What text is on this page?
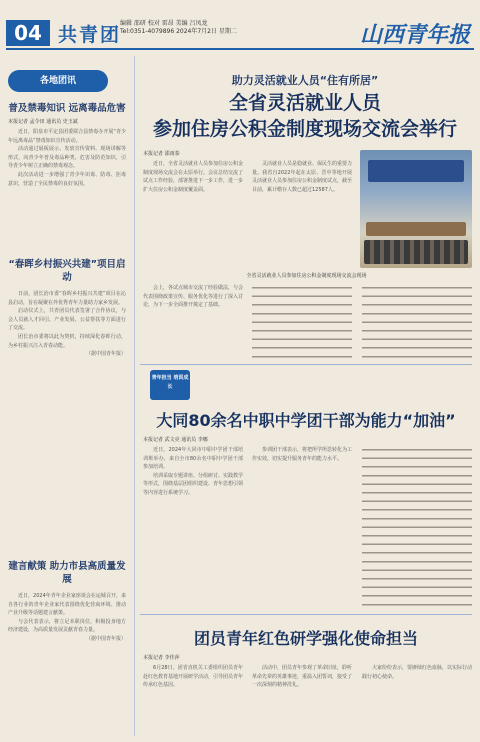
04 共青团
编辑 邵研 校对 雷昂 美编 吕凤龙
Tel:0351-4079896 2024年7月2日 星期二	山西青年报
各地团讯
普及禁毒知识 远离毒品危害
本报记者 孟令田 通讯员 史玉斌

近日，阳泉市平定县团委联合县禁毒办开展“青少年远离毒品”禁毒知识宣传活动。

活动通过展板展示、发放宣传资料、现场讲解等形式，向青少年普及毒品种类、危害及防范知识，引导青少年树立正确的禁毒观念。

此次活动进一步增强了青少年识毒、防毒、拒毒意识，营造了全民禁毒的良好氛围。

“春晖乡村振兴共建”项目启动

日前，团长治市委“春晖乡村振兴共建”项目在沁县启动，旨在凝聚在外优秀青年力量助力家乡发展。

启动仪式上，共青团员代表签署了合作协议，与会人员就人才回引、产业发展、公益帮扶等方面进行了交流。

团长治市委将以此为契机，持续深化春晖行动，为乡村振兴注入青春动能。

（据中国青年报）

建言献策 助力市县高质量发展

近日，2024年青年企业家座谈会在运城召开，来自各行业的青年企业家代表围绕优化营商环境、推动产业升级等话题建言献策。

与会代表表示，将立足本职岗位，积极投身地方经济建设，为高质量发展贡献青春力量。

（据中国青年报）

助力灵活就业人员“住有所居”
全省灵活就业人员
参加住房公积金制度现场交流会举行
本报记者 邵雨泰

近日，全省灵活就业人员参加住房公积金制度现场交流会在太原举行。会议总结交流了试点工作经验，部署推进下一步工作，进一步扩大住房公积金制度覆盖面。

灵活就业人员是稳就业、保民生的重要力量。我省自2022年起在太原、晋中等地开展灵活就业人员参加住房公积金制度试点，截至目前，累计缴存人数已超过12587人。

全省灵活就业人员参加住房公积金制度现场交流会现场

会上，各试点城市交流了经验做法，与会代表围绕政策宣传、服务优化等进行了深入讨论，为下一步全面推开奠定了基础。

青年担当 培训成长
大同80余名中职中学团干部为能力“加油”
本报记者 武文亮 通讯员 李娜

近日，2024年大同市中职中学团干部培训班举办，来自全市80余名中职中学团干部参加培训。

培训采取专题讲座、分组研讨、实践教学等形式，围绕基层团组织建设、青年思想引领等内容进行系统学习。

参训团干部表示，将把所学所思转化为工作实效，切实提升服务青年的能力水平。

团员青年红色研学强化使命担当
本报记者 李佳萍

6月28日，团省直机关工委组织团员青年赴红色教育基地开展研学活动，引导团员青年传承红色基因。

活动中，团员青年参观了革命旧址，聆听革命先辈的英雄事迹，重温入团誓词，接受了一次深刻的精神洗礼。

大家纷纷表示，要赓续红色血脉，以实际行动践行初心使命。
